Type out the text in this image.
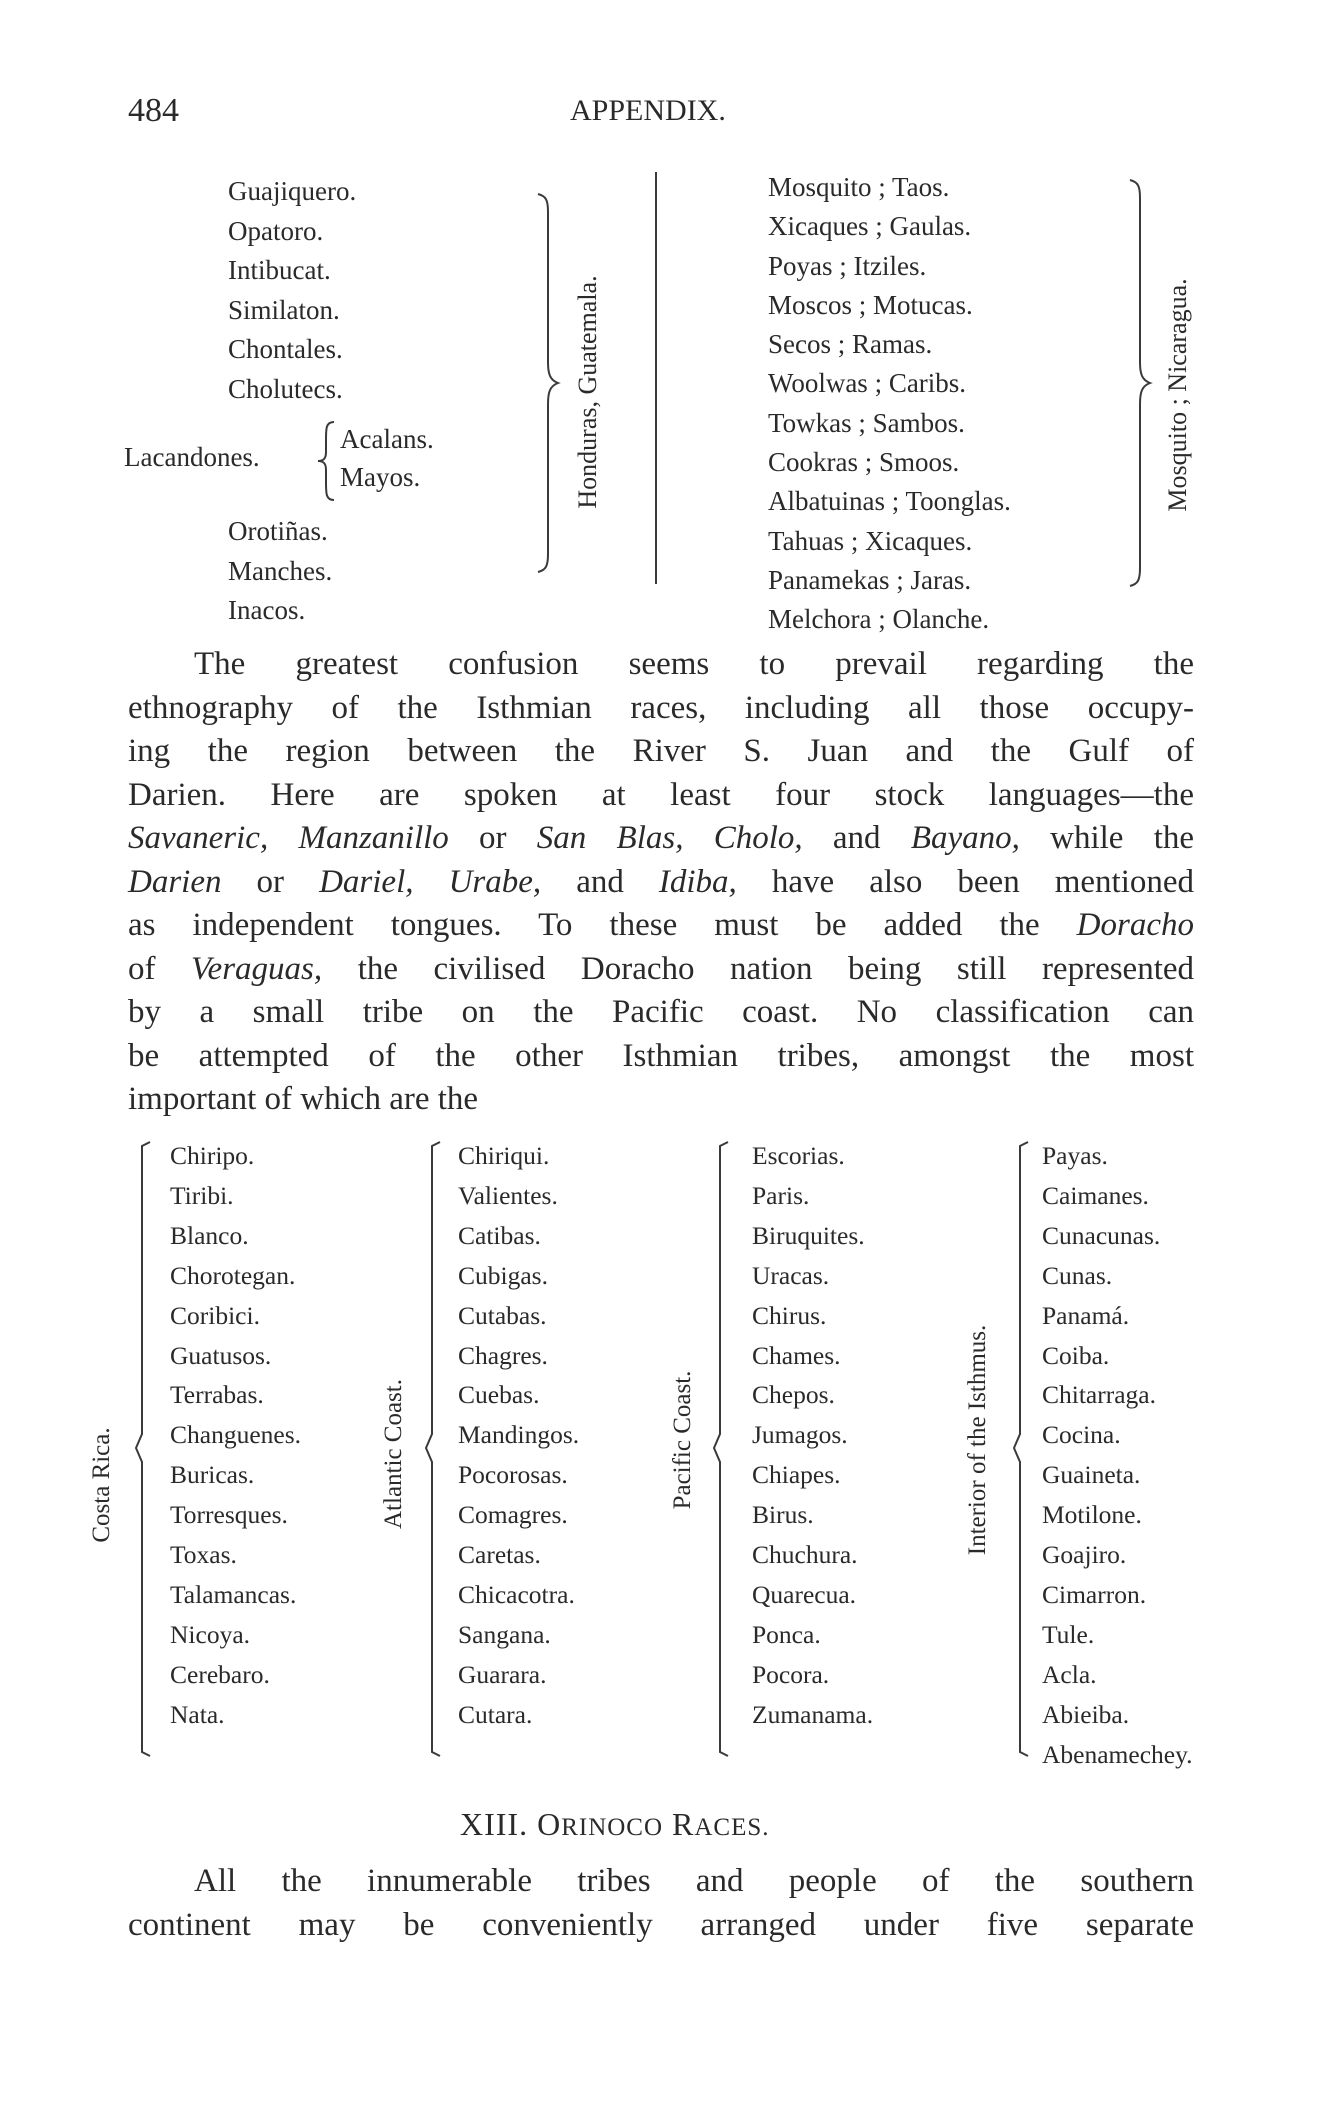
484	APPENDIX.
Guajiquero.
Opatoro.
Intibucat.
Similaton.
Chontales.
Cholutecs.
Lacandones.
Acalans.
Mayos.
Orotiñas.
Manches.
Inacos.
Honduras, Guatemala.
Mosquito ; Taos.
Xicaques ; Gaulas.
Poyas ; Itziles.
Moscos ; Motucas.
Secos ; Ramas.
Woolwas ; Caribs.
Towkas ; Sambos.
Cookras ; Smoos.
Albatuinas ; Toonglas.
Tahuas ; Xicaques.
Panamekas ; Jaras.
Melchora ; Olanche.
Mosquito ; Nicaragua.
The greatest confusion seems to prevail regarding the
ethnography of the Isthmian races, including all those occupy-
ing the region between the River S. Juan and the Gulf of
Darien. Here are spoken at least four stock languages—the
Savaneric, Manzanillo or San Blas, Cholo, and Bayano, while the
Darien or Dariel, Urabe, and Idiba, have also been mentioned
as independent tongues. To these must be added the Doracho
of Veraguas, the civilised Doracho nation being still represented
by a small tribe on the Pacific coast. No classification can
be attempted of the other Isthmian tribes, amongst the most
important of which are the
Costa Rica.
Chiripo.
Tiribi.
Blanco.
Chorotegan.
Coribici.
Guatusos.
Terrabas.
Changuenes.
Buricas.
Torresques.
Toxas.
Talamancas.
Nicoya.
Cerebaro.
Nata.
Atlantic Coast.
Chiriqui.
Valientes.
Catibas.
Cubigas.
Cutabas.
Chagres.
Cuebas.
Mandingos.
Pocorosas.
Comagres.
Caretas.
Chicacotra.
Sangana.
Guarara.
Cutara.
Pacific Coast.
Escorias.
Paris.
Biruquites.
Uracas.
Chirus.
Chames.
Chepos.
Jumagos.
Chiapes.
Birus.
Chuchura.
Quarecua.
Ponca.
Pocora.
Zumanama.
Interior of the Isthmus.
Payas.
Caimanes.
Cunacunas.
Cunas.
Panamá.
Coiba.
Chitarraga.
Cocina.
Guaineta.
Motilone.
Goajiro.
Cimarron.
Tule.
Acla.
Abieiba.
Abenamechey.
XIII. ORINOCO RACES.
All the innumerable tribes and people of the southern
continent may be conveniently arranged under five separate
